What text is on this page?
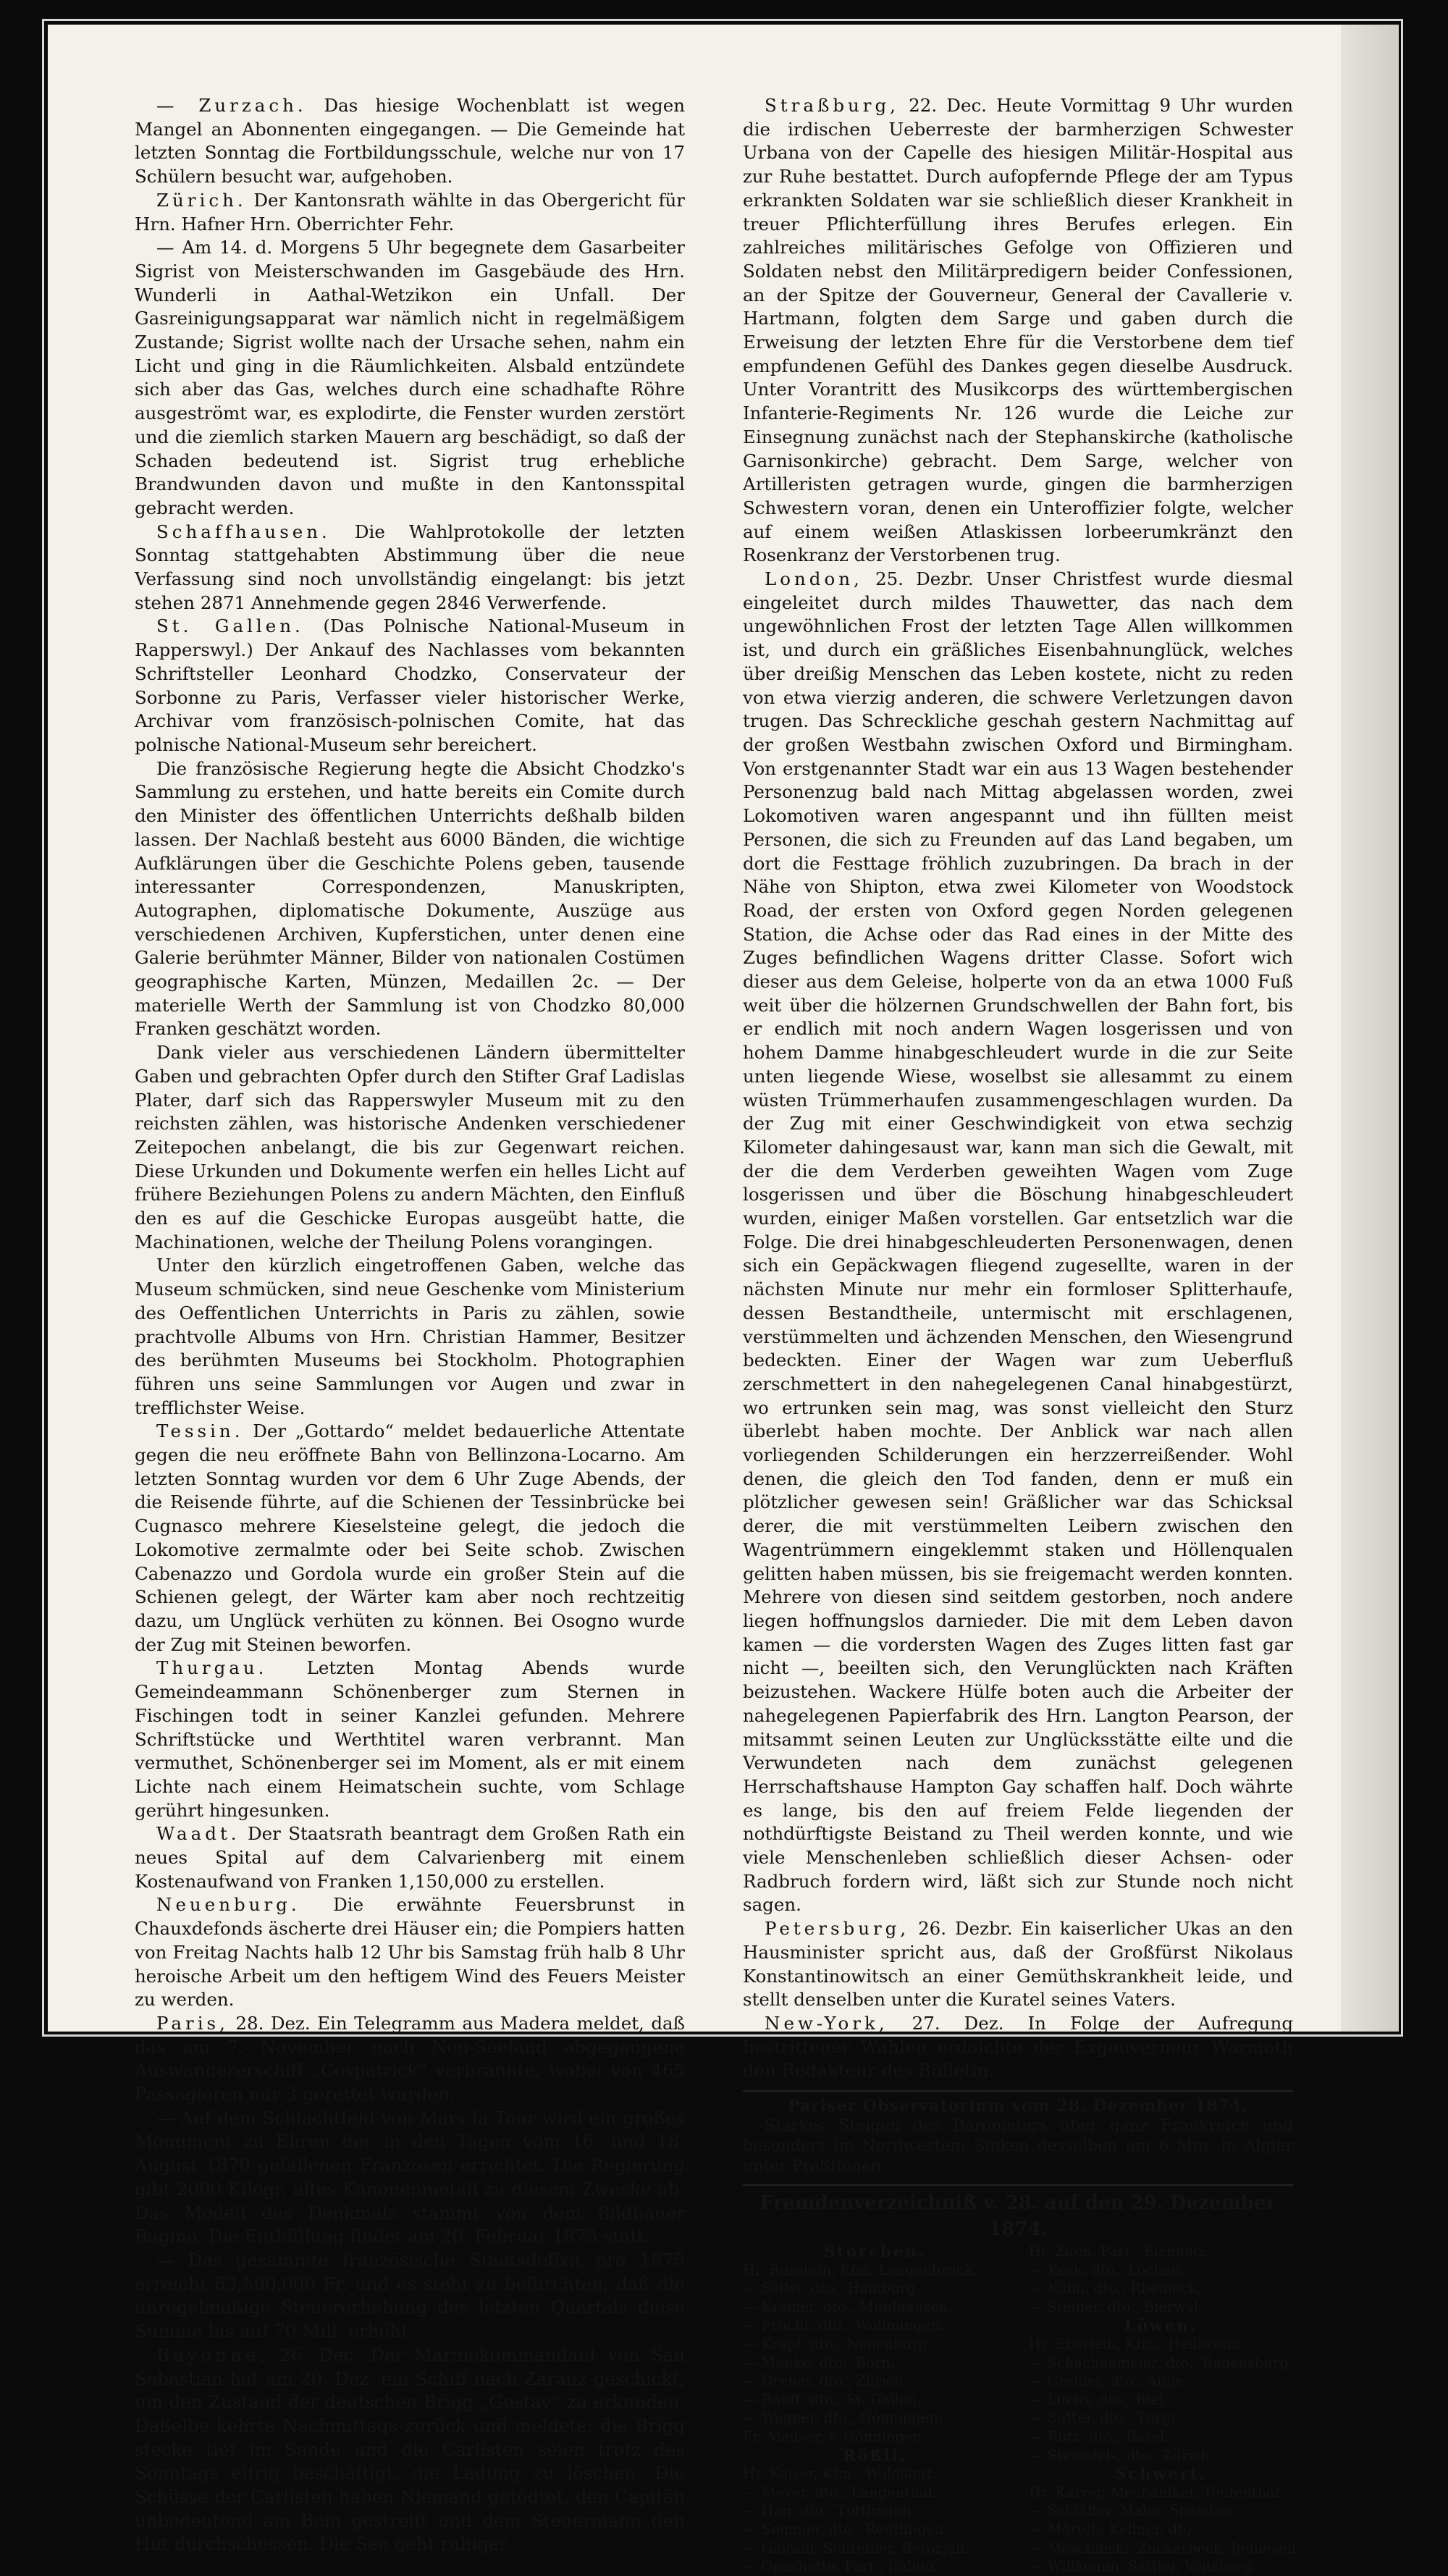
— Zurzach. Das hiesige Wochenblatt ist wegen Mangel an Abonnenten eingegangen. — Die Gemeinde hat letzten Sonntag die Fortbildungsschule, welche nur von 17 Schülern besucht war, aufgehoben.

Zürich. Der Kantonsrath wählte in das Obergericht für Hrn. Hafner Hrn. Oberrichter Fehr.

— Am 14. d. Morgens 5 Uhr begegnete dem Gasarbeiter Sigrist von Meisterschwanden im Gasgebäude des Hrn. Wunderli in Aathal-Wetzikon ein Unfall. Der Gasreinigungsapparat war nämlich nicht in regelmäßigem Zustande; Sigrist wollte nach der Ursache sehen, nahm ein Licht und ging in die Räumlichkeiten. Alsbald entzündete sich aber das Gas, welches durch eine schadhafte Röhre ausgeströmt war, es explodirte, die Fenster wurden zerstört und die ziemlich starken Mauern arg beschädigt, so daß der Schaden bedeutend ist. Sigrist trug erhebliche Brandwunden davon und mußte in den Kantonsspital gebracht werden.

Schaffhausen. Die Wahlprotokolle der letzten Sonntag stattgehabten Abstimmung über die neue Verfassung sind noch unvollständig eingelangt: bis jetzt stehen 2871 Annehmende gegen 2846 Verwerfende.

St. Gallen. (Das Polnische National-Museum in Rapperswyl.) Der Ankauf des Nachlasses vom bekannten Schriftsteller Leonhard Chodzko, Conservateur der Sorbonne zu Paris, Verfasser vieler historischer Werke, Archivar vom französisch-polnischen Comite, hat das polnische National-Museum sehr bereichert.

Die französische Regierung hegte die Absicht Chodzko's Sammlung zu erstehen, und hatte bereits ein Comite durch den Minister des öffentlichen Unterrichts deßhalb bilden lassen. Der Nachlaß besteht aus 6000 Bänden, die wichtige Aufklärungen über die Geschichte Polens geben, tausende interessanter Correspondenzen, Manuskripten, Autographen, diplomatische Dokumente, Auszüge aus verschiedenen Archiven, Kupferstichen, unter denen eine Galerie berühmter Männer, Bilder von nationalen Costümen geographische Karten, Münzen, Medaillen 2c. — Der materielle Werth der Sammlung ist von Chodzko 80,000 Franken geschätzt worden.

Dank vieler aus verschiedenen Ländern übermittelter Gaben und gebrachten Opfer durch den Stifter Graf Ladislas Plater, darf sich das Rapperswyler Museum mit zu den reichsten zählen, was historische Andenken verschiedener Zeitepochen anbelangt, die bis zur Gegenwart reichen. Diese Urkunden und Dokumente werfen ein helles Licht auf frühere Beziehungen Polens zu andern Mächten, den Einfluß den es auf die Geschicke Europas ausgeübt hatte, die Machinationen, welche der Theilung Polens vorangingen.

Unter den kürzlich eingetroffenen Gaben, welche das Museum schmücken, sind neue Geschenke vom Ministerium des Oeffentlichen Unterrichts in Paris zu zählen, sowie prachtvolle Albums von Hrn. Christian Hammer, Besitzer des berühmten Museums bei Stockholm. Photographien führen uns seine Sammlungen vor Augen und zwar in trefflichster Weise.

Tessin. Der „Gottardo“ meldet bedauerliche Attentate gegen die neu eröffnete Bahn von Bellinzona-Locarno. Am letzten Sonntag wurden vor dem 6 Uhr Zuge Abends, der die Reisende führte, auf die Schienen der Tessinbrücke bei Cugnasco mehrere Kieselsteine gelegt, die jedoch die Lokomotive zermalmte oder bei Seite schob. Zwischen Cabenazzo und Gordola wurde ein großer Stein auf die Schienen gelegt, der Wärter kam aber noch rechtzeitig dazu, um Unglück verhüten zu können. Bei Osogno wurde der Zug mit Steinen beworfen.

Thurgau. Letzten Montag Abends wurde Gemeindeammann Schönenberger zum Sternen in Fischingen todt in seiner Kanzlei gefunden. Mehrere Schriftstücke und Werthtitel waren verbrannt. Man vermuthet, Schönenberger sei im Moment, als er mit einem Lichte nach einem Heimatschein suchte, vom Schlage gerührt hingesunken.

Waadt. Der Staatsrath beantragt dem Großen Rath ein neues Spital auf dem Calvarienberg mit einem Kostenaufwand von Franken 1,150,000 zu erstellen.

Neuenburg. Die erwähnte Feuersbrunst in Chauxdefonds äscherte drei Häuser ein; die Pompiers hatten von Freitag Nachts halb 12 Uhr bis Samstag früh halb 8 Uhr heroische Arbeit um den heftigem Wind des Feuers Meister zu werden.

Paris, 28. Dez. Ein Telegramm aus Madera meldet, daß das am 7. November nach Neu-Seeland abgegangene Auswandererschiff „Cospatrick“ verbrannte, wobei von 465 Passagieren nur 3 gerettet wurden.

— Auf dem Schlachtfeld von Mars la Tour wird ein großes Monument zu Ehren der in den Tagen vom 16. und 18. August 1870 gefallenen Franzosen errichtet. Die Regierung gibt 2000 Kilogr. altes Kanonenmetall zu diesem Zwecke ab. Das Modell des Denkmals stammt von dem Bildhauer Bagino. Die Enthüllung findet am 20. Februar 1875 statt.

— Das gesammte französische Staatsdefizit pro 1875 erreicht 63,500,000 Fr. und es steht zu befürchten, daß die unregelmäßige Steuererhebung des letzten Quartals diese Summe bis auf 70 Mill. erhöht.

Bayonne, 26. Dec. Der Marinekommandant von San Sebastian hat am 20. Dez. ein Schiff nach Zarauz geschickt, um den Zustand der deutschen Brigg „Gustav“ zu erkunden. Daßelbe kehrte Nachmittags zurück und meldete: die Brigg stecke tief im Sande und die Carlisten seien trotz des Sonntags eifrig beschäftigt, die Ladung zu löschen. Die Schüsse der Carlisten haben Niemand getödtet, den Capitän unbedeutend am Bein gestreift und dem Steuermann den Hut durchschossen. Die See geht ruhiger.

Straßburg, 22. Dec. Heute Vormittag 9 Uhr wurden die irdischen Ueberreste der barmherzigen Schwester Urbana von der Capelle des hiesigen Militär-Hospital aus zur Ruhe bestattet. Durch aufopfernde Pflege der am Typus erkrankten Soldaten war sie schließlich dieser Krankheit in treuer Pflichterfüllung ihres Berufes erlegen. Ein zahlreiches militärisches Gefolge von Offizieren und Soldaten nebst den Militärpredigern beider Confessionen, an der Spitze der Gouverneur, General der Cavallerie v. Hartmann, folgten dem Sarge und gaben durch die Erweisung der letzten Ehre für die Verstorbene dem tief empfundenen Gefühl des Dankes gegen dieselbe Ausdruck. Unter Vorantritt des Musikcorps des württembergischen Infanterie-Regiments Nr. 126 wurde die Leiche zur Einsegnung zunächst nach der Stephanskirche (katholische Garnisonkirche) gebracht. Dem Sarge, welcher von Artilleristen getragen wurde, gingen die barmherzigen Schwestern voran, denen ein Unteroffizier folgte, welcher auf einem weißen Atlaskissen lorbeerumkränzt den Rosenkranz der Verstorbenen trug.

London, 25. Dezbr. Unser Christfest wurde diesmal eingeleitet durch mildes Thauwetter, das nach dem ungewöhnlichen Frost der letzten Tage Allen willkommen ist, und durch ein gräßliches Eisenbahnunglück, welches über dreißig Menschen das Leben kostete, nicht zu reden von etwa vierzig anderen, die schwere Verletzungen davon trugen. Das Schreckliche geschah gestern Nachmittag auf der großen Westbahn zwischen Oxford und Birmingham. Von erstgenannter Stadt war ein aus 13 Wagen bestehender Personenzug bald nach Mittag abgelassen worden, zwei Lokomotiven waren angespannt und ihn füllten meist Personen, die sich zu Freunden auf das Land begaben, um dort die Festtage fröhlich zuzubringen. Da brach in der Nähe von Shipton, etwa zwei Kilometer von Woodstock Road, der ersten von Oxford gegen Norden gelegenen Station, die Achse oder das Rad eines in der Mitte des Zuges befindlichen Wagens dritter Classe. Sofort wich dieser aus dem Geleise, holperte von da an etwa 1000 Fuß weit über die hölzernen Grundschwellen der Bahn fort, bis er endlich mit noch andern Wagen losgerissen und von hohem Damme hinabgeschleudert wurde in die zur Seite unten liegende Wiese, woselbst sie allesammt zu einem wüsten Trümmerhaufen zusammengeschlagen wurden. Da der Zug mit einer Geschwindigkeit von etwa sechzig Kilometer dahingesaust war, kann man sich die Gewalt, mit der die dem Verderben geweihten Wagen vom Zuge losgerissen und über die Böschung hinabgeschleudert wurden, einiger Maßen vorstellen. Gar entsetzlich war die Folge. Die drei hinabgeschleuderten Personenwagen, denen sich ein Gepäckwagen fliegend zugesellte, waren in der nächsten Minute nur mehr ein formloser Splitterhaufe, dessen Bestandtheile, untermischt mit erschlagenen, verstümmelten und ächzenden Menschen, den Wiesengrund bedeckten. Einer der Wagen war zum Ueberfluß zerschmettert in den nahegelegenen Canal hinabgestürzt, wo ertrunken sein mag, was sonst vielleicht den Sturz überlebt haben mochte. Der Anblick war nach allen vorliegenden Schilderungen ein herzzerreißender. Wohl denen, die gleich den Tod fanden, denn er muß ein plötzlicher gewesen sein! Gräßlicher war das Schicksal derer, die mit verstümmelten Leibern zwischen den Wagentrümmern eingeklemmt staken und Höllenqualen gelitten haben müssen, bis sie freigemacht werden konnten. Mehrere von diesen sind seitdem gestorben, noch andere liegen hoffnungslos darnieder. Die mit dem Leben davon kamen — die vordersten Wagen des Zuges litten fast gar nicht —, beeilten sich, den Verunglückten nach Kräften beizustehen. Wackere Hülfe boten auch die Arbeiter der nahegelegenen Papierfabrik des Hrn. Langton Pearson, der mitsammt seinen Leuten zur Unglücksstätte eilte und die Verwundeten nach dem zunächst gelegenen Herrschaftshause Hampton Gay schaffen half. Doch währte es lange, bis den auf freiem Felde liegenden der nothdürftigste Beistand zu Theil werden konnte, und wie viele Menschenleben schließlich dieser Achsen- oder Radbruch fordern wird, läßt sich zur Stunde noch nicht sagen.

Petersburg, 26. Dezbr. Ein kaiserlicher Ukas an den Hausminister spricht aus, daß der Großfürst Nikolaus Konstantinowitsch an einer Gemüthskrankheit leide, und stellt denselben unter die Kuratel seines Vaters.

New-York, 27. Dez. In Folge der Aufregung bestrittener Wahlen erdolchte der Exgouverneur Warmoth den Redakteur des Bülletin.

Pariser Observatorium vom 28. Dezember 1874.
Starkes Steigen des Barometers über ganz Frankreich und besonders im Nordwesten; Sinken desselben um 6 Mm. in Algier unter Preßtionen.
Fremdenverzeichniß v. 28. auf den 29. Dezember 1874.
Storchen.
Hr. Russtein, Kfm, Langenbruck.
— Seller, dto., Hamburg
— Kramer, dto., Mühlhausen.
— Frucht, dto., Wollmingen.
— Krapf, dto., Neuenburg.
— Menke, dto., Born.
— Dreher, dto., Zürich.
— Ranft, dto., St. Gallen.
— Wagner, dto., Gönningen.
Fr. Mauser, v. Gönningen.
Rößli.
Hr. Kaiser, Kfm., Waldshut.
— Meyer, dto., Langenthal.
— Hag, dto., Tuttlingen.
— Sommer, dto., Reutlingen.
— Giorani, Schreiner, Berozjali.
— Opachetto, Part., Italien.
Hr. Zuen, Part., Eichholz.
— Keck, dto., Löchau.
— Kuhn, dto., Rheineck.
— Steiner, dto., Bierwyl.
Löwen.
Hr. Eberlein, Kfm., Heilbronn.
— Schachenmeier, dto., Regensburg.
— Graulet, dto., Aigle.
— Luchs, dto., Biel.
— Sutter, dto., Turgi.
— Rutz, dto., Basel.
— Stenisfels, dto., Zürich.
Schwert.
Hr. Karrer, Mechaniker, Teufenthal.
— Schläffer, Maler, Speicher.
— Mörteli, Kellner, dto.
— Moschinski, Zuckerbeck, Jeuuesen.
— Willkomm, Sattler, Voitsberg.
